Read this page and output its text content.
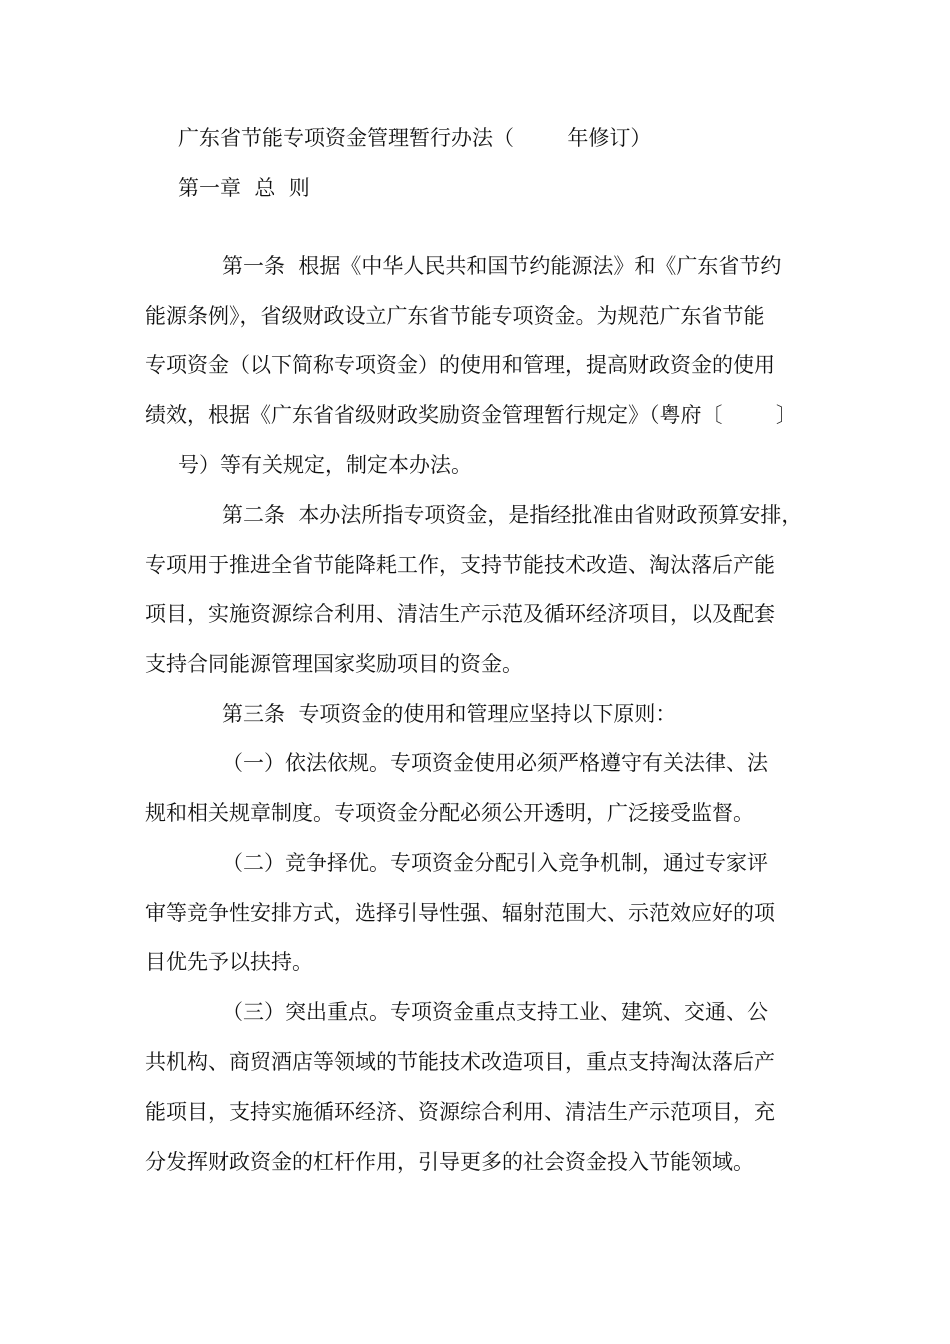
广东省节能专项资金管理暂行办法（        年修订）
第一章  总  则
第一条  根据《中华人民共和国节约能源法》和《广东省节约
能源条例》，省级财政设立广东省节能专项资金。为规范广东省节能
专项资金（以下简称专项资金）的使用和管理，提高财政资金的使用
绩效，根据《广东省省级财政奖励资金管理暂行规定》（粤府〔        〕
号）等有关规定，制定本办法。
第二条  本办法所指专项资金，是指经批准由省财政预算安排，
专项用于推进全省节能降耗工作，支持节能技术改造、淘汰落后产能
项目，实施资源综合利用、清洁生产示范及循环经济项目，以及配套
支持合同能源管理国家奖励项目的资金。
第三条  专项资金的使用和管理应坚持以下原则：
（一）依法依规。专项资金使用必须严格遵守有关法律、法
规和相关规章制度。专项资金分配必须公开透明，广泛接受监督。
（二）竞争择优。专项资金分配引入竞争机制，通过专家评
审等竞争性安排方式，选择引导性强、辐射范围大、示范效应好的项
目优先予以扶持。
（三）突出重点。专项资金重点支持工业、建筑、交通、公
共机构、商贸酒店等领域的节能技术改造项目，重点支持淘汰落后产
能项目，支持实施循环经济、资源综合利用、清洁生产示范项目，充
分发挥财政资金的杠杆作用，引导更多的社会资金投入节能领域。
